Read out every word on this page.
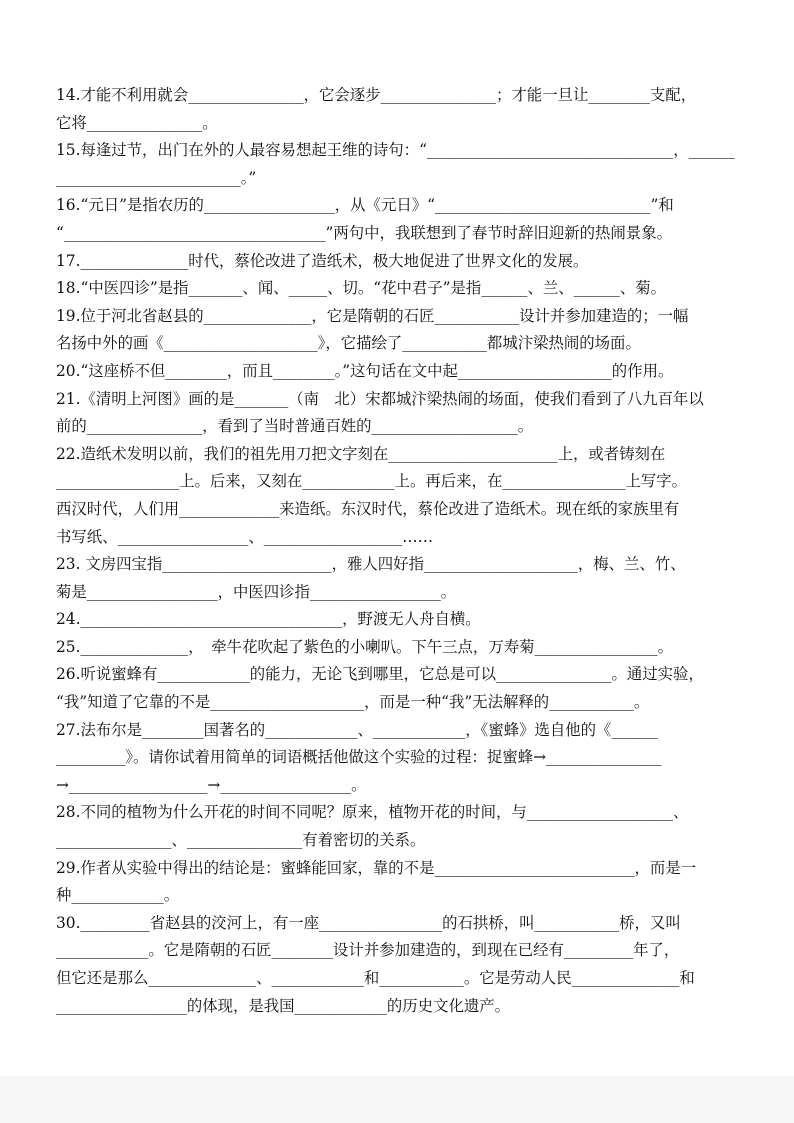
14.才能不利用就会_______________，它会逐步_______________；才能一旦让________支配，
它将_______________。
15.每逢过节，出门在外的人最容易想起王维的诗句：“________________________________，______
________________________。”
16.“元日”是指农历的_________________，从《元日》“____________________________”和
“__________________________________”两句中，我联想到了春节时辞旧迎新的热闹景象。
17.______________时代，蔡伦改进了造纸术，极大地促进了世界文化的发展。
18.“中医四诊”是指_______、闻、_____、切。“花中君子”是指______、兰、______、菊。
19.位于河北省赵县的______________，它是隋朝的石匠___________设计并参加建造的；一幅
名扬中外的画《____________________》，它描绘了___________都城汴梁热闹的场面。
20.“这座桥不但________，而且________。”这句话在文中起____________________的作用。
21.《清明上河图》画的是_______（南　北）宋都城汴梁热闹的场面，使我们看到了八九百年以
前的_______________，看到了当时普通百姓的___________________。
22.造纸术发明以前，我们的祖先用刀把文字刻在______________________上，或者铸刻在
________________上。后来，又刻在____________上。再后来，在________________上写字。
西汉时代，人们用_____________来造纸。东汉时代，蔡伦改进了造纸术。现在纸的家族里有
书写纸、_________________、__________________……
23. 文房四宝指______________________，雅人四好指____________________，梅、兰、竹、
菊是_________________，中医四诊指_________________。
24.__________________________________，野渡无人舟自横。
25.______________，　牵牛花吹起了紫色的小喇叭。下午三点，万寿菊________________。
26.听说蜜蜂有____________的能力，无论飞到哪里，它总是可以_______________。通过实验，
“我”知道了它靠的不是____________________，而是一种“我”无法解释的___________。
27.法布尔是________国著名的____________、____________，《蜜蜂》选自他的《______
_________》。请你试着用简单的词语概括他做这个实验的过程：捉蜜蜂→_______________
→__________________→_________________。
28.不同的植物为什么开花的时间不同呢？原来，植物开花的时间，与___________________、
_______________、_______________有着密切的关系。
29.作者从实验中得出的结论是：蜜蜂能回家，靠的不是__________________________，而是一
种____________。
30._________省赵县的洨河上，有一座________________的石拱桥，叫___________桥，又叫
____________。它是隋朝的石匠________设计并参加建造的，到现在已经有_________年了，
但它还是那么______________、____________和___________。它是劳动人民______________和
_________________的体现，是我国____________的历史文化遗产。
